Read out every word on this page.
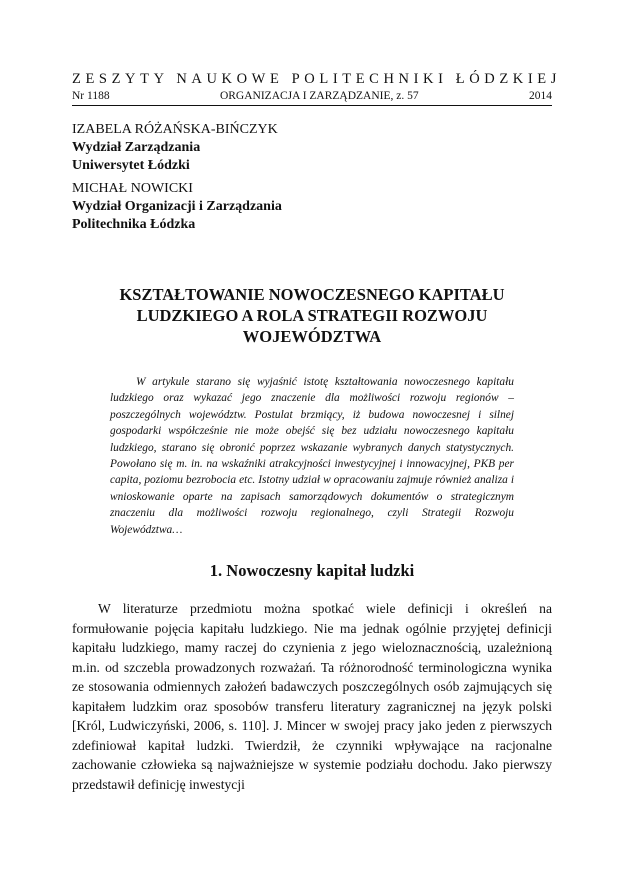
ZESZYTY NAUKOWE POLITECHNIKI ŁÓDZKIEJ
Nr 1188	ORGANIZACJA I ZARZĄDZANIE, z. 57	2014
IZABELA RÓŻAŃSKA-BIŃCZYK
Wydział Zarządzania
Uniwersytet Łódzki
MICHAŁ NOWICKI
Wydział Organizacji i Zarządzania
Politechnika Łódzka
KSZTAŁTOWANIE NOWOCZESNEGO KAPITAŁU LUDZKIEGO A ROLA STRATEGII ROZWOJU WOJEWÓDZTWA
W artykule starano się wyjaśnić istotę kształtowania nowoczesnego kapitału ludzkiego oraz wykazać jego znaczenie dla możliwości rozwoju regionów – poszczególnych województw. Postulat brzmiący, iż budowa nowoczesnej i silnej gospodarki współcześnie nie może obejść się bez udziału nowoczesnego kapitału ludzkiego, starano się obronić poprzez wskazanie wybranych danych statystycznych. Powołano się m. in. na wskaźniki atrakcyjności inwestycyjnej i innowacyjnej, PKB per capita, poziomu bezrobocia etc. Istotny udział w opracowaniu zajmuje również analiza i wnioskowanie oparte na zapisach samorządowych dokumentów o strategicznym znaczeniu dla możliwości rozwoju regionalnego, czyli Strategii Rozwoju Województwa…
1. Nowoczesny kapitał ludzki
W literaturze przedmiotu można spotkać wiele definicji i określeń na formułowanie pojęcia kapitału ludzkiego. Nie ma jednak ogólnie przyjętej definicji kapitału ludzkiego, mamy raczej do czynienia z jego wieloznacznością, uzależnioną m.in. od szczebla prowadzonych rozważań. Ta różnorodność terminologiczna wynika ze stosowania odmiennych założeń badawczych poszczególnych osób zajmujących się kapitałem ludzkim oraz sposobów transferu literatury zagranicznej na język polski [Król, Ludwiczyński, 2006, s. 110]. J. Mincer w swojej pracy jako jeden z pierwszych zdefiniował kapitał ludzki. Twierdził, że czynniki wpływające na racjonalne zachowanie człowieka są najważniejsze w systemie podziału dochodu. Jako pierwszy przedstawił definicję inwestycji
